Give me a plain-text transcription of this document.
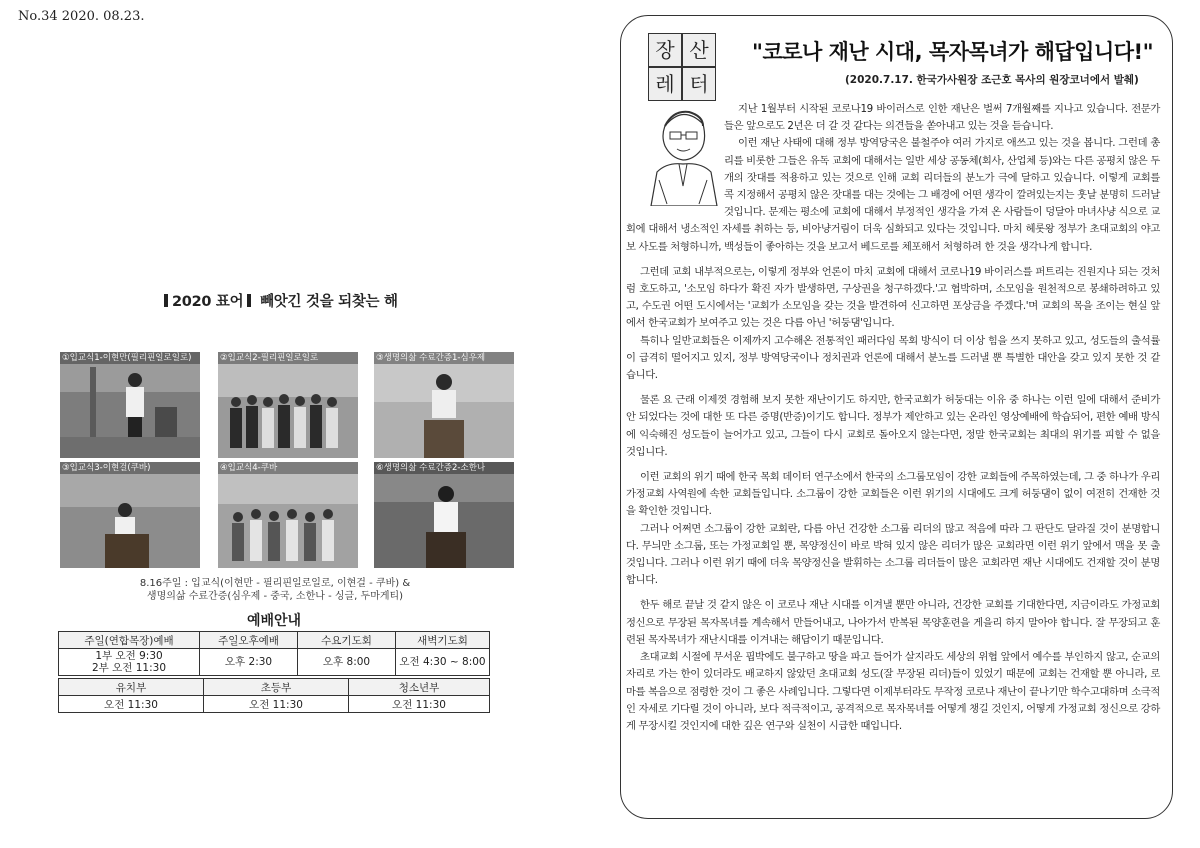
No.34 2020. 08.23.
2020 표어 빼앗긴 것을 되찾는 해
①입교식1-이현만(필리핀일로일로)	②입교식2-필리핀일로일로	③생명의삶 수료간증1-심우제
③입교식3-이현걸(쿠바)	④입교식4-쿠바	⑥생명의삶 수료간증2-소한나
8.16주일 : 입교식(이현만 - 필리핀일로일로, 이현걸 - 쿠바) &
생명의삶 수료간증(심우제 - 중국, 소한나 - 싱글, 두마게티)
예배안내
주일(연합목장)예배	주일오후예배	수요기도회	새벽기도회

1부 오전 9:30
2부 오전 11:30	오후 2:30	오후 8:00	오전 4:30 ~ 8:00
유치부	초등부	청소년부
오전 11:30	오전 11:30	오전 11:30
장 산
레 터
"코로나 재난 시대, 목자목녀가 해답입니다!"
(2020.7.17. 한국가사원장 조근호 목사의 원장코너에서 발췌)

지난 1월부터 시작된 코로나19 바이러스로 인한 재난은 벌써 7개월째를 지나고 있습니다. 전문가들은 앞으로도 2년은 더 갈 것 같다는 의견들을 쏟아내고 있는 것을 듣습니다.

이런 재난 사태에 대해 정부 방역당국은 불철주야 여러 가지로 애쓰고 있는 것을 봅니다. 그런데 총리를 비롯한 그들은 유독 교회에 대해서는 일반 세상 공동체(회사, 산업체 등)와는 다른 공평치 않은 두 개의 잣대를 적용하고 있는 것으로 인해 교회 리더들의 분노가 극에 달하고 있습니다. 이렇게 교회를 콕 지정해서 공평치 않은 잣대를 대는 것에는 그 배경에 어떤 생각이 깔려있는지는 훗날 분명히 드러날 것입니다. 문제는 평소에 교회에 대해서 부정적인 생각을 가져 온 사람들이 덩달아 마녀사냥 식으로 교회에 대해서 냉소적인 자세를 취하는 등, 비아냥거림이 더욱 심화되고 있다는 것입니다. 마치 헤롯왕 정부가 초대교회의 야고보 사도를 처형하니까, 백성들이 좋아하는 것을 보고서 베드로를 체포해서 처형하려 한 것을 생각나게 합니다.

그런데 교회 내부적으로는, 이렇게 정부와 언론이 마치 교회에 대해서 코로나19 바이러스를 퍼트리는 진원지나 되는 것처럼 호도하고, '소모임 하다가 확진 자가 발생하면, 구상권을 청구하겠다.'고 협박하며, 소모임을 원천적으로 봉쇄하려하고 있고, 수도권 어떤 도시에서는 '교회가 소모임을 갖는 것을 발견하여 신고하면 포상금을 주겠다.'며 교회의 목을 조이는 현실 앞에서 한국교회가 보여주고 있는 것은 다름 아닌 '허둥댐'입니다.

특히나 일반교회들은 이제까지 고수해온 전통적인 패러다임 목회 방식이 더 이상 힘을 쓰지 못하고 있고, 성도들의 출석률이 급격히 떨어지고 있지, 정부 방역당국이나 정치권과 언론에 대해서 분노를 드러낼 뿐 특별한 대안을 갖고 있지 못한 것 같습니다.

물론 요 근래 이제껏 경험해 보지 못한 재난이기도 하지만, 한국교회가 허둥대는 이유 중 하나는 이런 일에 대해서 준비가 안 되었다는 것에 대한 또 다른 증명(반증)이기도 합니다. 정부가 제안하고 있는 온라인 영상예배에 학습되어, 편한 예배 방식에 익숙해진 성도들이 늘어가고 있고, 그들이 다시 교회로 돌아오지 않는다면, 정말 한국교회는 최대의 위기를 피할 수 없을 것입니다.

이런 교회의 위기 때에 한국 목회 데이터 연구소에서 한국의 소그룹모임이 강한 교회들에 주목하였는데, 그 중 하나가 우리 가정교회 사역원에 속한 교회들입니다. 소그룹이 강한 교회들은 이런 위기의 시대에도 크게 허둥댐이 없이 여전히 건재한 것을 확인한 것입니다.

그러나 어쩌면 소그룹이 강한 교회란, 다름 아닌 건강한 소그룹 리더의 많고 적음에 따라 그 판단도 달라질 것이 분명합니다. 무늬만 소그룹, 또는 가정교회일 뿐, 목양정신이 바로 박혀 있지 않은 리더가 많은 교회라면 이런 위기 앞에서 맥을 못 출 것입니다. 그러나 이런 위기 때에 더욱 목양정신을 발휘하는 소그룹 리더들이 많은 교회라면 재난 시대에도 건재할 것이 분명합니다.

한두 해로 끝날 것 같지 않은 이 코로나 재난 시대를 이겨낼 뿐만 아니라, 건강한 교회를 기대한다면, 지금이라도 가정교회 정신으로 무장된 목자목녀를 계속해서 만들어내고, 나아가서 반복된 목양훈련을 게을리 하지 말아야 합니다. 잘 무장되고 훈련된 목자목녀가 재난시대를 이겨내는 해답이기 때문입니다.

초대교회 시절에 무서운 핍박에도 불구하고 땅을 파고 들어가 살지라도 세상의 위협 앞에서 예수를 부인하지 않고, 순교의 자리로 가는 한이 있더라도 배교하지 않았던 초대교회 성도(잘 무장된 리더)들이 있었기 때문에 교회는 건재할 뿐 아니라, 로마를 복음으로 점령한 것이 그 좋은 사례입니다. 그렇다면 이제부터라도 무작정 코로나 재난이 끝나기만 학수고대하며 소극적인 자세로 기다릴 것이 아니라, 보다 적극적이고, 공격적으로 목자목녀를 어떻게 챙길 것인지, 어떻게 가정교회 정신으로 강하게 무장시킬 것인지에 대한 깊은 연구와 실천이 시급한 때입니다.
